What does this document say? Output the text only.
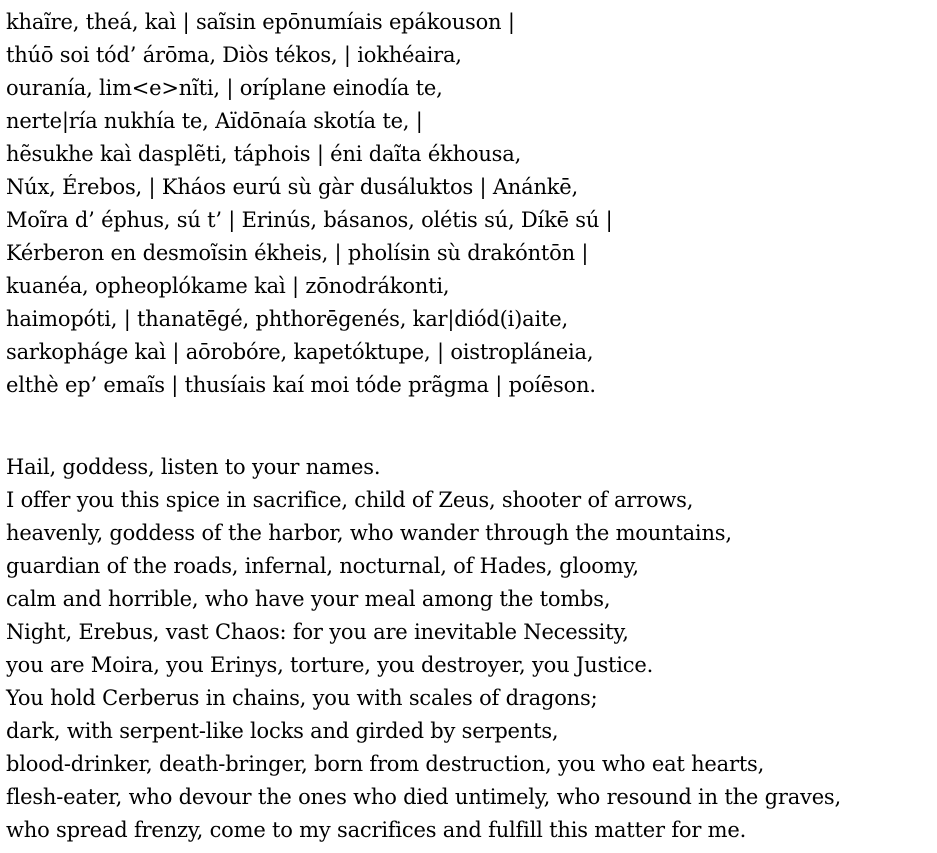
khaĩre, theá, kaì | saĩsin epōnumíais epákouson |
thúō soi tód’ árōma, Diòs tékos, | iokhéaira,
ouranía, lim<e>nĩti, | oríplane einodía te,
nerte|ría nukhía te, Aïdōnaía skotía te, |
hẽsukhe kaì dasplẽti, táphois | éni daĩta ékhousa,
Núx, Érebos, | Kháos eurú sù gàr dusáluktos | Anánkē,
Moĩra d’ éphus, sú t’ | Erinús, básanos, olétis sú, Díkē sú |
Kérberon en desmoĩsin ékheis, | pholísin sù drakóntōn |
kuanéa, opheoplókame kaì | zōnodrákonti,
haimopóti, | thanatēgé, phthorēgenés, kar|diód(i)aite,
sarkopháge kaì | aōrobóre, kapetóktupe, | oistropláneia,
elthè ep’ emaĩs | thusíais kaí moi tóde prãgma | poíēson.
Hail, goddess, listen to your names.
I offer you this spice in sacrifice, child of Zeus, shooter of arrows,
heavenly, goddess of the harbor, who wander through the mountains,
guardian of the roads, infernal, nocturnal, of Hades, gloomy,
calm and horrible, who have your meal among the tombs,
Night, Erebus, vast Chaos: for you are inevitable Necessity,
you are Moira, you Erinys, torture, you destroyer, you Justice.
You hold Cerberus in chains, you with scales of dragons;
dark, with serpent-like locks and girded by serpents,
blood-drinker, death-bringer, born from destruction, you who eat hearts,
flesh-eater, who devour the ones who died untimely, who resound in the graves,
who spread frenzy, come to my sacrifices and fulfill this matter for me.
